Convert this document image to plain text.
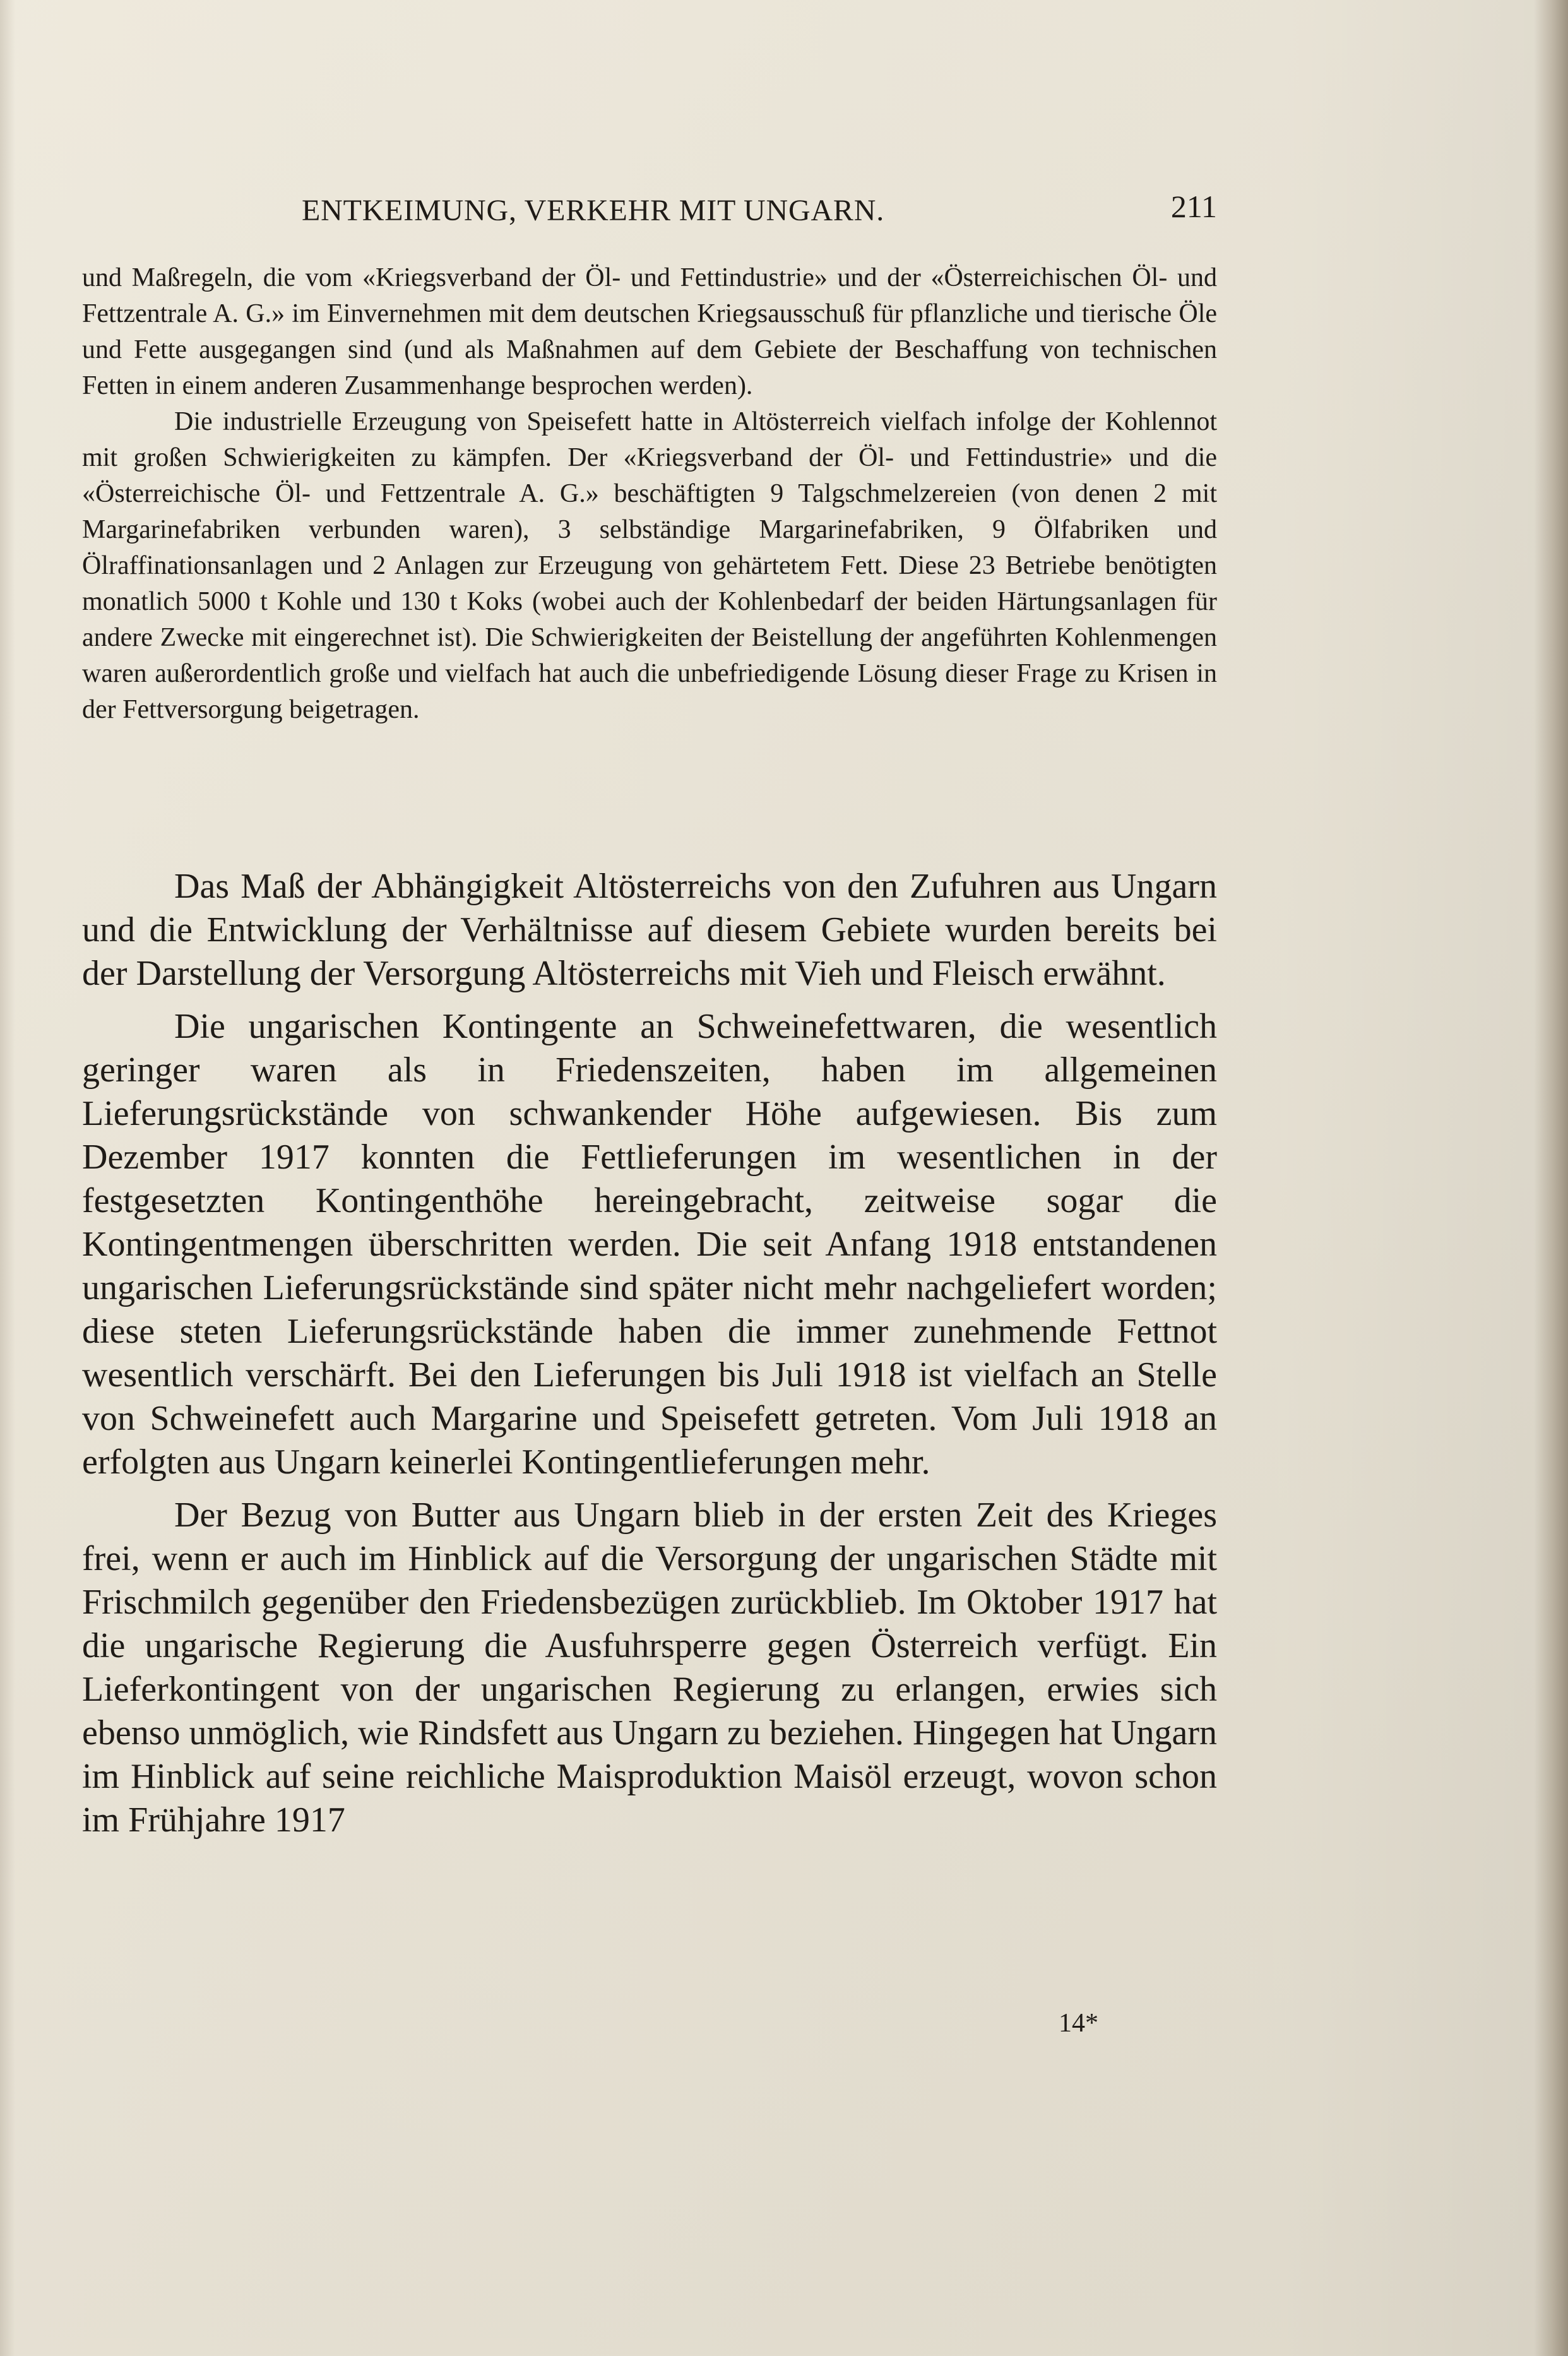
ENTKEIMUNG, VERKEHR MIT UNGARN.	211

und Maßregeln, die vom «Kriegsverband der Öl- und Fettindustrie» und der «Österreichischen Öl- und Fettzentrale A. G.» im Einvernehmen mit dem deutschen Kriegsausschuß für pflanzliche und tierische Öle und Fette ausgegangen sind (und als Maßnahmen auf dem Gebiete der Beschaffung von technischen Fetten in einem anderen Zusammenhange besprochen werden).

Die industrielle Erzeugung von Speisefett hatte in Altösterreich vielfach infolge der Kohlennot mit großen Schwierigkeiten zu kämpfen. Der «Kriegsverband der Öl- und Fettindustrie» und die «Österreichische Öl- und Fettzentrale A. G.» beschäftigten 9 Talgschmelzereien (von denen 2 mit Margarinefabriken verbunden waren), 3 selbständige Margarinefabriken, 9 Ölfabriken und Ölraffinationsanlagen und 2 Anlagen zur Erzeugung von gehärtetem Fett. Diese 23 Betriebe benötigten monatlich 5000 t Kohle und 130 t Koks (wobei auch der Kohlenbedarf der beiden Härtungsanlagen für andere Zwecke mit eingerechnet ist). Die Schwierigkeiten der Beistellung der angeführten Kohlenmengen waren außerordentlich große und vielfach hat auch die unbefriedigende Lösung dieser Frage zu Krisen in der Fettversorgung beigetragen.

Das Maß der Abhängigkeit Altösterreichs von den Zufuhren aus Ungarn und die Entwicklung der Verhältnisse auf diesem Gebiete wurden bereits bei der Darstellung der Versorgung Altösterreichs mit Vieh und Fleisch erwähnt.

Die ungarischen Kontingente an Schweinefettwaren, die wesentlich geringer waren als in Friedenszeiten, haben im allgemeinen Lieferungsrückstände von schwankender Höhe aufgewiesen. Bis zum Dezember 1917 konnten die Fettlieferungen im wesentlichen in der festgesetzten Kontingenthöhe hereingebracht, zeitweise sogar die Kontingentmengen überschritten werden. Die seit Anfang 1918 entstandenen ungarischen Lieferungsrückstände sind später nicht mehr nachgeliefert worden; diese steten Lieferungsrückstände haben die immer zunehmende Fettnot wesentlich verschärft. Bei den Lieferungen bis Juli 1918 ist vielfach an Stelle von Schweinefett auch Margarine und Speisefett getreten. Vom Juli 1918 an erfolgten aus Ungarn keinerlei Kontingentlieferungen mehr.

Der Bezug von Butter aus Ungarn blieb in der ersten Zeit des Krieges frei, wenn er auch im Hinblick auf die Versorgung der ungarischen Städte mit Frischmilch gegenüber den Friedensbezügen zurückblieb. Im Oktober 1917 hat die ungarische Regierung die Ausfuhrsperre gegen Österreich verfügt. Ein Lieferkontingent von der ungarischen Regierung zu erlangen, erwies sich ebenso unmöglich, wie Rindsfett aus Ungarn zu beziehen. Hingegen hat Ungarn im Hinblick auf seine reichliche Maisproduktion Maisöl erzeugt, wovon schon im Frühjahre 1917

14*
